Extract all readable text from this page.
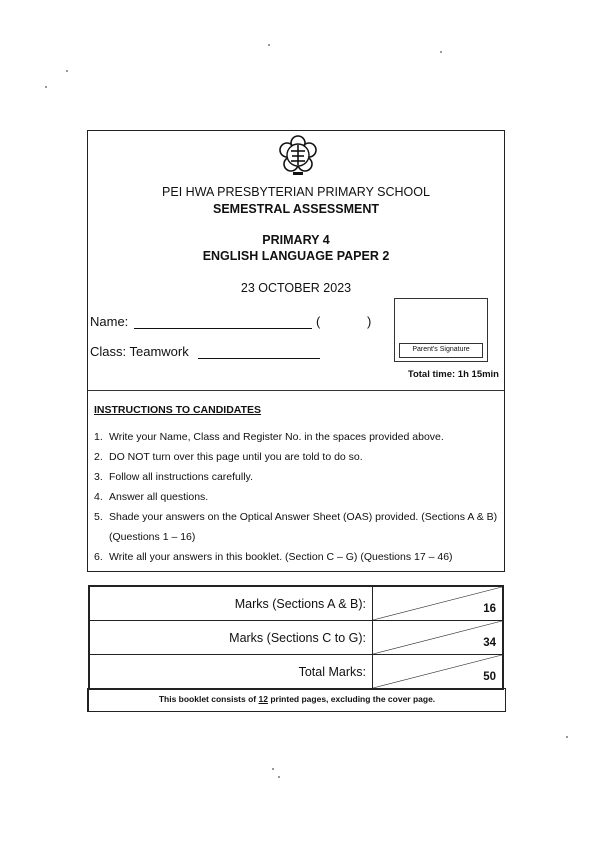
PEI HWA PRESBYTERIAN PRIMARY SCHOOL
SEMESTRAL ASSESSMENT
PRIMARY 4
ENGLISH LANGUAGE PAPER 2
23 OCTOBER 2023
Name:	(	)
Class: Teamwork	Parent's Signature
Total time: 1h 15min
INSTRUCTIONS TO CANDIDATES
1. Write your Name, Class and Register No. in the spaces provided above.
2. DO NOT turn over this page until you are told to do so.
3. Follow all instructions carefully.
4. Answer all questions.
5. Shade your answers on the Optical Answer Sheet (OAS) provided. (Sections A & B) (Questions 1 – 16)
6. Write all your answers in this booklet. (Section C – G) (Questions 17 – 46)
Marks (Sections A & B):	16
Marks (Sections C to G):	34
Total Marks:	50
This booklet consists of 12 printed pages, excluding the cover page.
